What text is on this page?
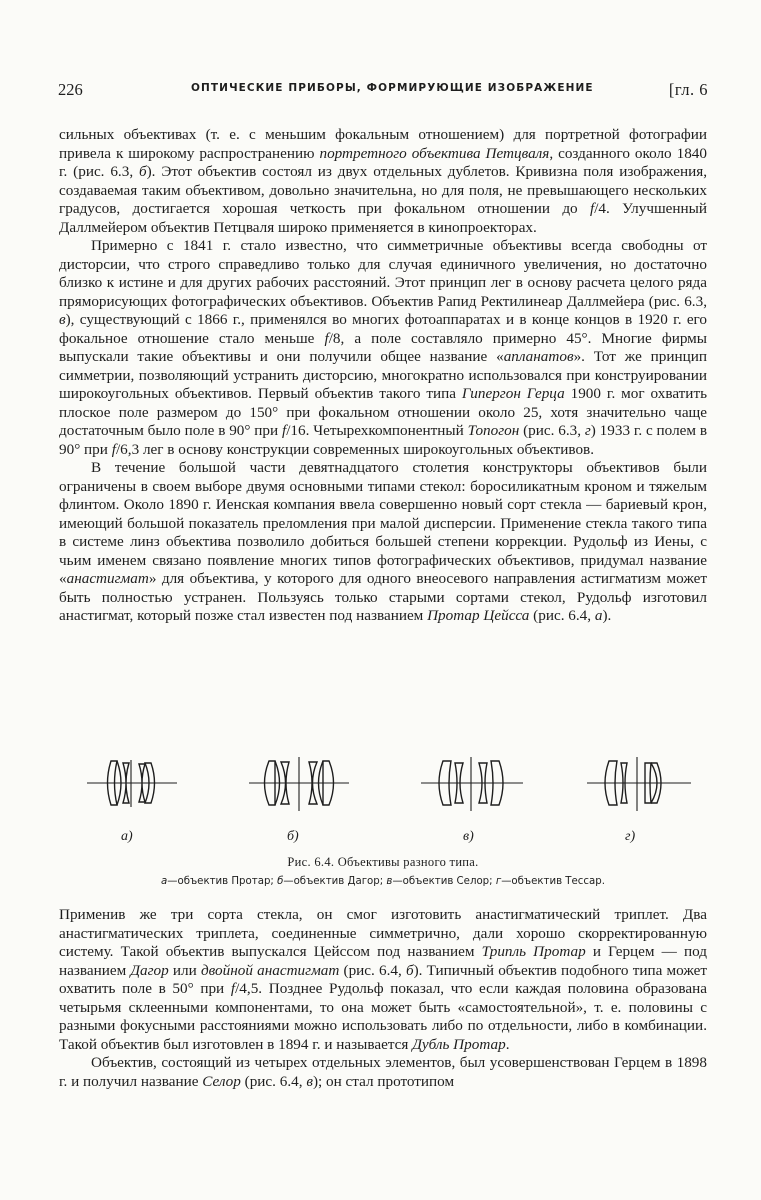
226	ОПТИЧЕСКИЕ ПРИБОРЫ, ФОРМИРУЮЩИЕ ИЗОБРАЖЕНИЕ	[гл. 6

сильных объективах (т. е. с меньшим фокальным отношением) для портретной фотографии привела к широкому распространению портретного объектива Петцваля, созданного около 1840 г. (рис. 6.3, б). Этот объектив состоял из двух отдельных дублетов. Кривизна поля изображения, создаваемая таким объективом, довольно значительна, но для поля, не превышающего нескольких градусов, достигается хорошая четкость при фокальном отношении до f/4. Улучшенный Даллмейером объектив Петцваля широко применяется в кинопроекторах.

Примерно с 1841 г. стало известно, что симметричные объективы всегда свободны от дисторсии, что строго справедливо только для случая единичного увеличения, но достаточно близко к истине и для других рабочих расстояний. Этот принцип лег в основу расчета целого ряда пряморисующих фотографических объективов. Объектив Рапид Ректилинеар Даллмейера (рис. 6.3, в), существующий с 1866 г., применялся во многих фотоаппаратах и в конце концов в 1920 г. его фокальное отношение стало меньше f/8, а поле составляло примерно 45°. Многие фирмы выпускали такие объективы и они получили общее название «апланатов». Тот же принцип симметрии, позволяющий устранить дисторсию, многократно использовался при конструировании широкоугольных объективов. Первый объектив такого типа Гипергон Герца 1900 г. мог охватить плоское поле размером до 150° при фокальном отношении около 25, хотя значительно чаще достаточным было поле в 90° при f/16. Четырехкомпонентный Топогон (рис. 6.3, г) 1933 г. с полем в 90° при f/6,3 лег в основу конструкции современных широкоугольных объективов.

В течение большой части девятнадцатого столетия конструкторы объективов были ограничены в своем выборе двумя основными типами стекол: боросиликатным кроном и тяжелым флинтом. Около 1890 г. Иенская компания ввела совершенно новый сорт стекла — бариевый крон, имеющий большой показатель преломления при малой дисперсии. Применение стекла такого типа в системе линз объектива позволило добиться большей степени коррекции. Рудольф из Иены, с чьим именем связано появление многих типов фотографических объективов, придумал название «анастигмат» для объектива, у которого для одного внеосевого направления астигматизм может быть полностью устранен. Пользуясь только старыми сортами стекол, Рудольф изготовил анастигмат, который позже стал известен под названием Протар Цейсса (рис. 6.4, а).

а)	б)	в)	г)
Рис. 6.4. Объективы разного типа.
а—объектив Протар; б—объектив Дагор; в—объектив Селор; г—объектив Тессар.

Применив же три сорта стекла, он смог изготовить анастигматический триплет. Два анастигматических триплета, соединенные симметрично, дали хорошо скорректированную систему. Такой объектив выпускался Цейссом под названием Трипль Протар и Герцем — под названием Дагор или двойной анастигмат (рис. 6.4, б). Типичный объектив подобного типа может охватить поле в 50° при f/4,5. Позднее Рудольф показал, что если каждая половина образована четырьмя склеенными компонентами, то она может быть «самостоятельной», т. е. половины с разными фокусными расстояниями можно использовать либо по отдельности, либо в комбинации. Такой объектив был изготовлен в 1894 г. и называется Дубль Протар.

Объектив, состоящий из четырех отдельных элементов, был усовершенствован Герцем в 1898 г. и получил название Селор (рис. 6.4, в); он стал прототипом
